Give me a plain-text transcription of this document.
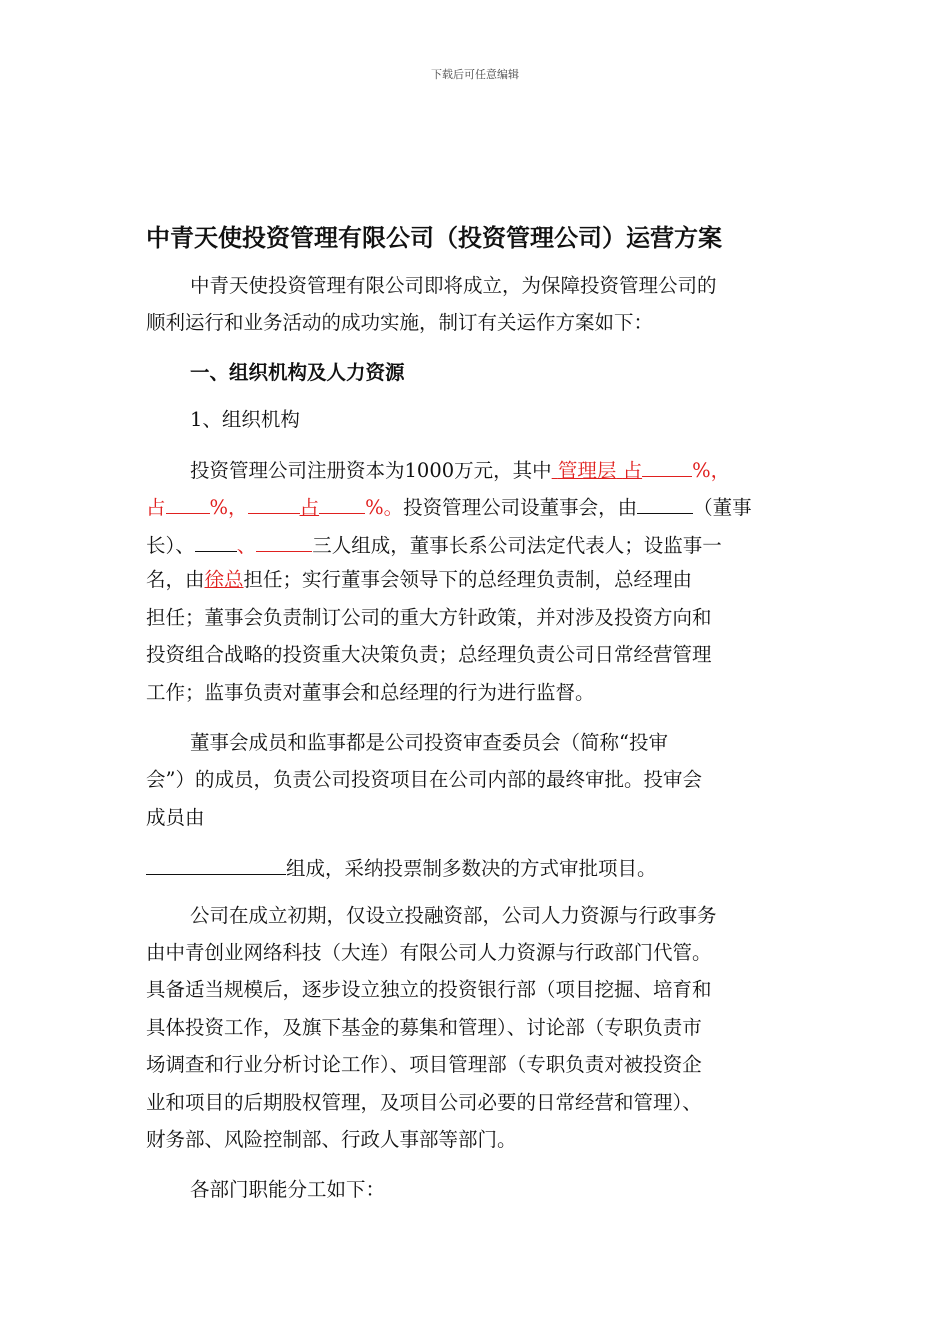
下载后可任意编辑
中青天使投资管理有限公司（投资管理公司）运营方案
中青天使投资管理有限公司即将成立，为保障投资管理公司的
顺利运行和业务活动的成功实施，制订有关运作方案如下：
一、组织机构及人力资源
1、组织机构
投资管理公司注册资本为1000万元，其中 管理层 占	%，
占 %，	占 %。投资管理公司设董事会，由	（董事
长）、 、	三人组成，董事长系公司法定代表人；设监事一
名，由徐总担任；实行董事会领导下的总经理负责制，总经理由
担任；董事会负责制订公司的重大方针政策，并对涉及投资方向和
投资组合战略的投资重大决策负责；总经理负责公司日常经营管理
工作；监事负责对董事会和总经理的行为进行监督。
董事会成员和监事都是公司投资审查委员会（简称“投审
会”）的成员，负责公司投资项目在公司内部的最终审批。投审会
成员由
组成，采纳投票制多数决的方式审批项目。
公司在成立初期，仅设立投融资部，公司人力资源与行政事务
由中青创业网络科技（大连）有限公司人力资源与行政部门代管。
具备适当规模后，逐步设立独立的投资银行部（项目挖掘、培育和
具体投资工作，及旗下基金的募集和管理）、讨论部（专职负责市
场调查和行业分析讨论工作）、项目管理部（专职负责对被投资企
业和项目的后期股权管理，及项目公司必要的日常经营和管理）、
财务部、风险控制部、行政人事部等部门。
各部门职能分工如下：
